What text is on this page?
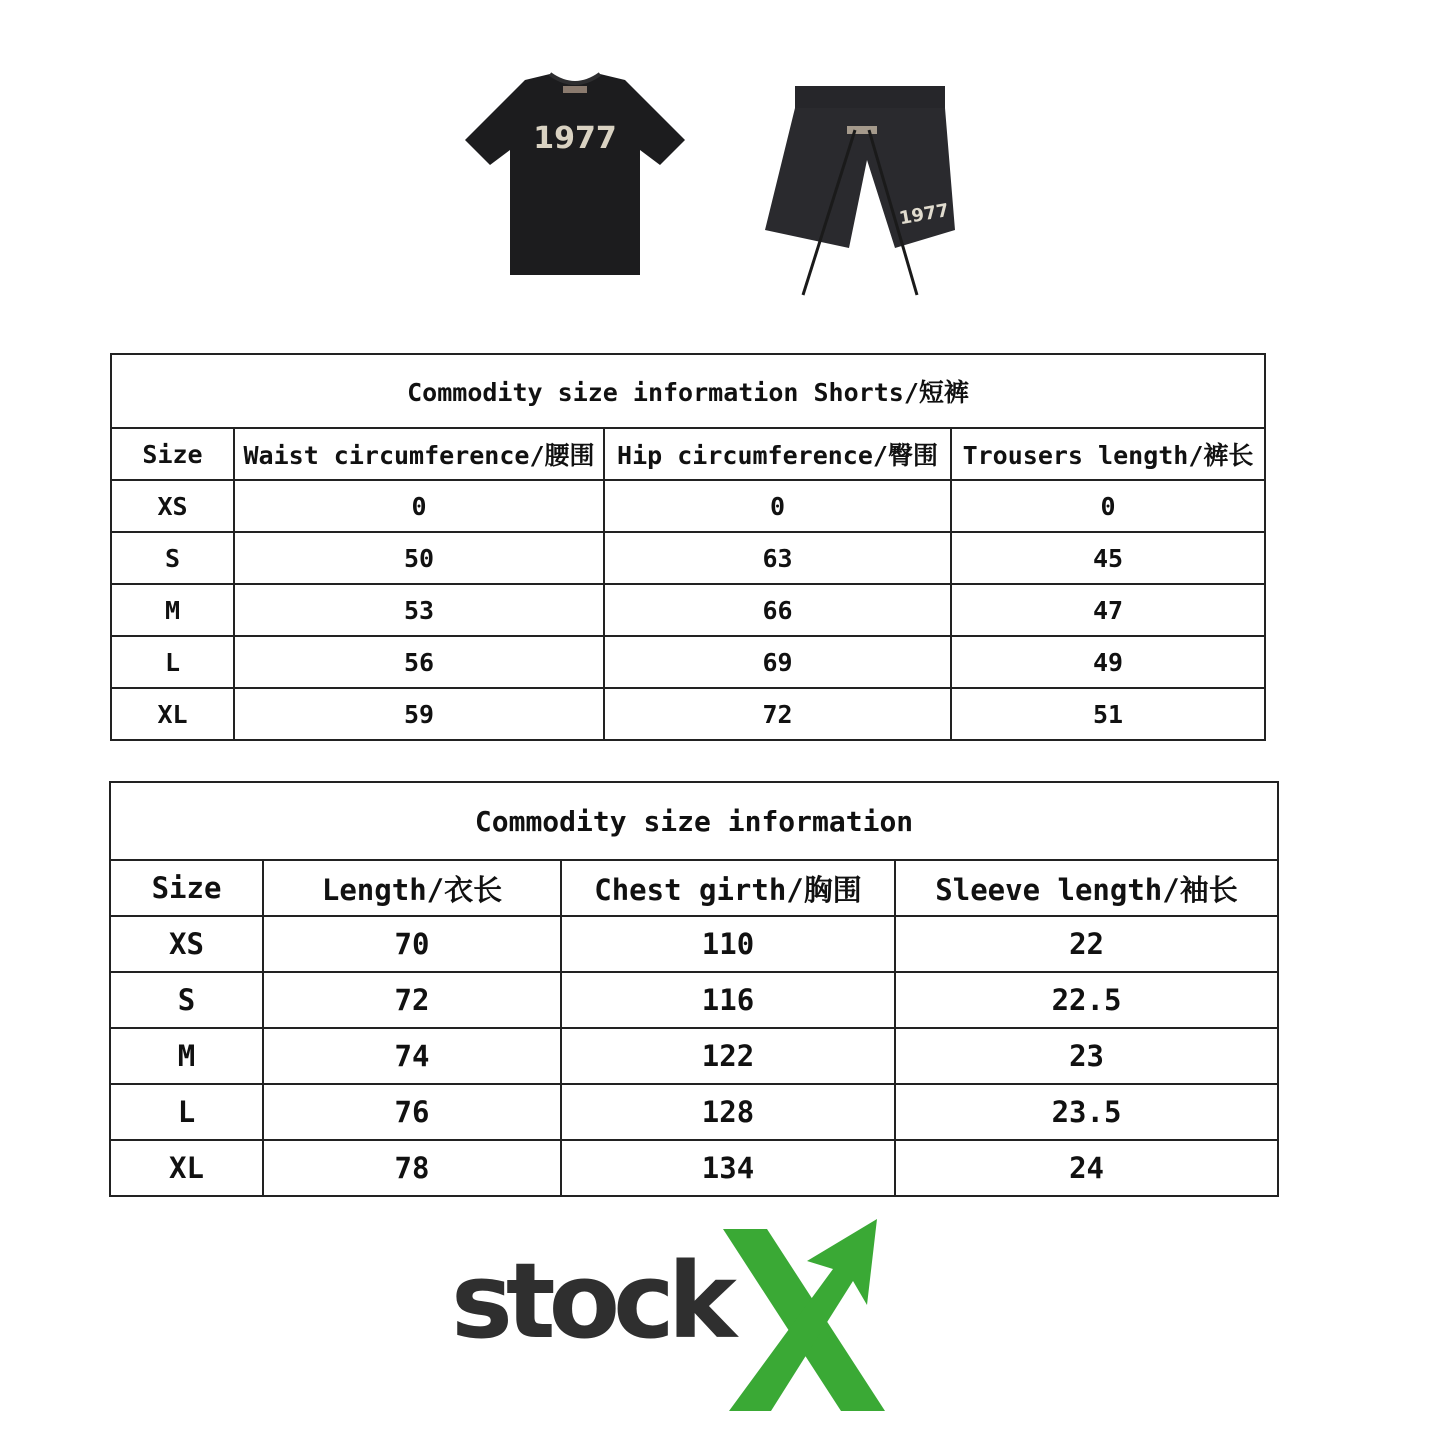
1977
1977
Commodity size information Shorts/短裤			
Size	Waist circumference/腰围	Hip circumference/臀围	Trousers length/裤长
XS	0	0	0
S	50	63	45
M	53	66	47
L	56	69	49
XL	59	72	51
Commodity size information			
Size	Length/衣长	Chest girth/胸围	Sleeve length/袖长
XS	70	110	22
S	72	116	22.5
M	74	122	23
L	76	128	23.5
XL	78	134	24
stock
